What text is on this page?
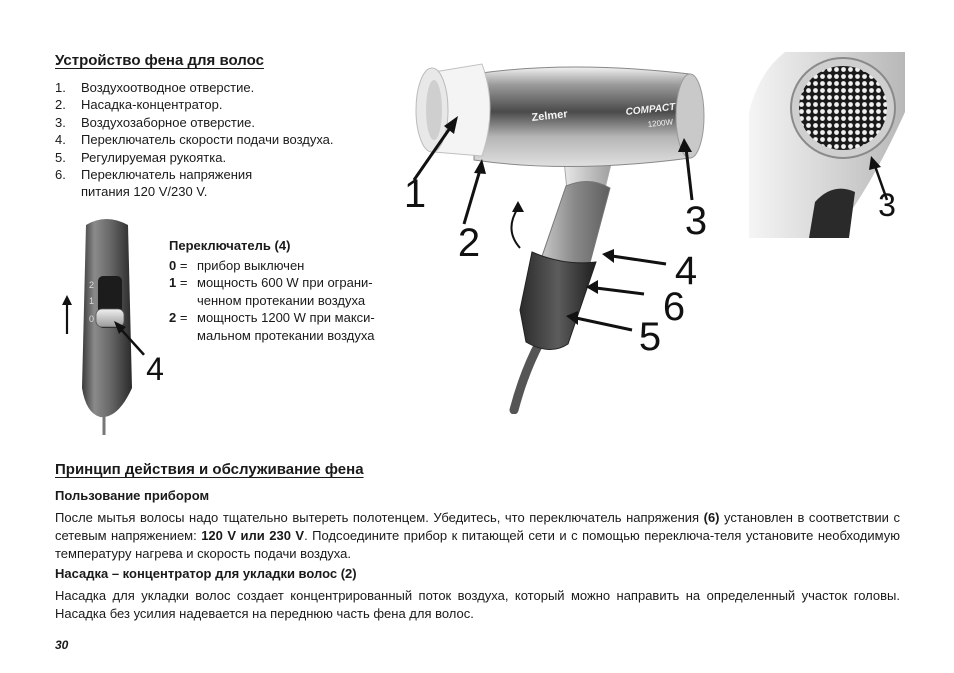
Устройство фена для волос
1.	Воздухоотводное отверстие.
2.	Насадка-концентратор.
3.	Воздухозаборное отверстие.
4.	Переключатель скорости подачи воздуха.
5.	Регулируемая рукоятка.
6.	Переключатель напряжения
питания 120 V/230 V.
2
1
0
4
Переключатель (4)
0 = прибор выключен
1 = мощность 600 W при ограни-
ченном протекании воздуха
2 = мощность 1200 W при макси-
мальном протекании воздуха
Zelmer	COMPACT
1200W
1
2	3
4
6
5
3
Принцип действия и обслуживание фена
Пользование прибором

После мытья волосы надо тщательно вытереть полотенцем. Убедитесь, что переключатель напряжения (6) установлен в соответствии с сетевым напряжением: 120 V или 230 V. Подсоедините прибор к питающей сети и с помощью переключа-теля установите необходимую температуру нагрева и скорость подачи воздуха.

Насадка – концентратор для укладки волос (2)

Насадка для укладки волос создает концентрированный поток воздуха, который можно направить на определенный участок головы. Насадка без усилия надевается на переднюю часть фена для волос.

30
